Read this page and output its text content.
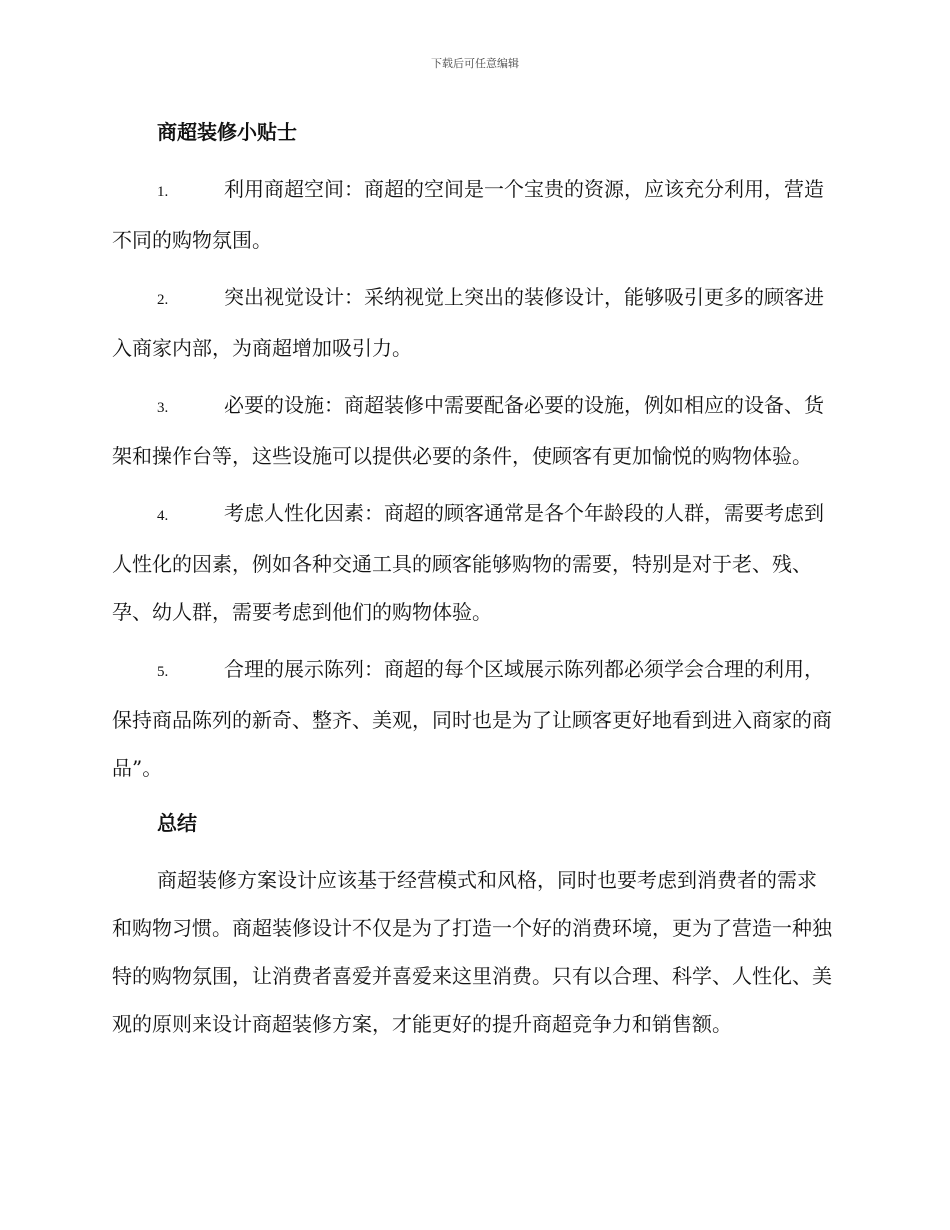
下载后可任意编辑
商超装修小贴士
1.	利用商超空间：商超的空间是一个宝贵的资源，应该充分利用，营造不同的购物氛围。
2.	突出视觉设计：采纳视觉上突出的装修设计，能够吸引更多的顾客进入商家内部，为商超增加吸引力。
3.	必要的设施：商超装修中需要配备必要的设施，例如相应的设备、货架和操作台等，这些设施可以提供必要的条件，使顾客有更加愉悦的购物体验。
4.	考虑人性化因素：商超的顾客通常是各个年龄段的人群，需要考虑到人性化的因素，例如各种交通工具的顾客能够购物的需要，特别是对于老、残、孕、幼人群，需要考虑到他们的购物体验。
5.	合理的展示陈列：商超的每个区域展示陈列都必须学会合理的利用，保持商品陈列的新奇、整齐、美观，同时也是为了让顾客更好地看到进入商家的商品”。
总结
商超装修方案设计应该基于经营模式和风格，同时也要考虑到消费者的需求和购物习惯。商超装修设计不仅是为了打造一个好的消费环境，更为了营造一种独特的购物氛围，让消费者喜爱并喜爱来这里消费。只有以合理、科学、人性化、美观的原则来设计商超装修方案，才能更好的提升商超竞争力和销售额。
